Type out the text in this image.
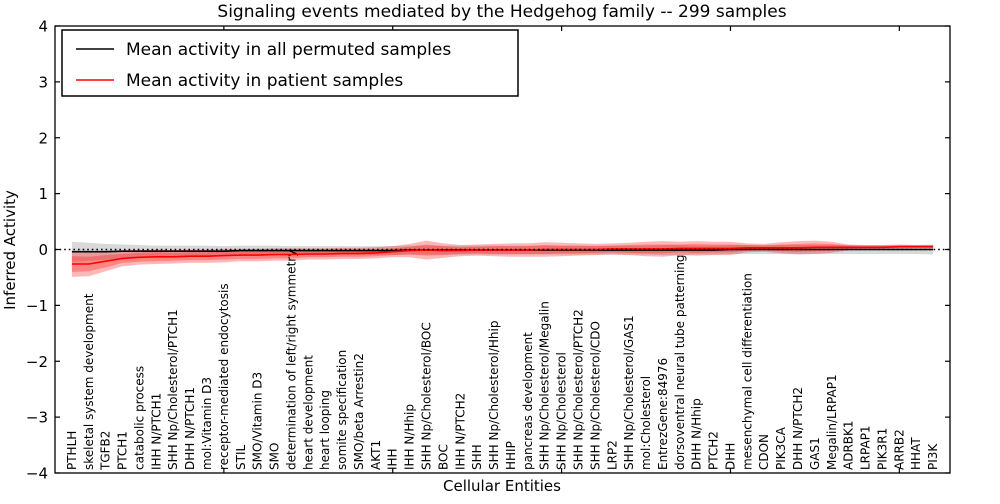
PTHLH skeletal system development TGFB2 PTCH1 catabolic process IHH N/PTCH1 SHH Np/Cholesterol/PTCH1 DHH N/PTCH1 mol:Vitamin D3 receptor-mediated endocytosis STIL SMO/Vitamin D3 SMO determination of left/right symmetry heart development heart looping somite specification SMO/beta Arrestin2 AKT1 IHH IHH N/Hhip SHH Np/Cholesterol/BOC BOC IHH N/PTCH2 SHH SHH Np/Cholesterol/Hhip HHIP pancreas development SHH Np/Cholesterol/Megalin SHH Np/Cholesterol SHH Np/Cholesterol/PTCH2 SHH Np/Cholesterol/CDO LRP2 SHH Np/Cholesterol/GAS1 mol:Cholesterol EntrezGene:84976 dorsoventral neural tube patterning DHH N/Hhip PTCH2 DHH mesenchymal cell differentiation CDON PIK3CA DHH N/PTCH2 GAS1 Megalin/LRPAP1 ADRBK1 LRPAP1 PIK3R1 ARRB2 HHAT PI3K
−4
−3
−2
−1
0
1
2
3
4
Signaling events mediated by the Hedgehog family -- 299 samples
Cellular Entities
Inferred Activity
Mean activity in all permuted samples
Mean activity in patient samples
